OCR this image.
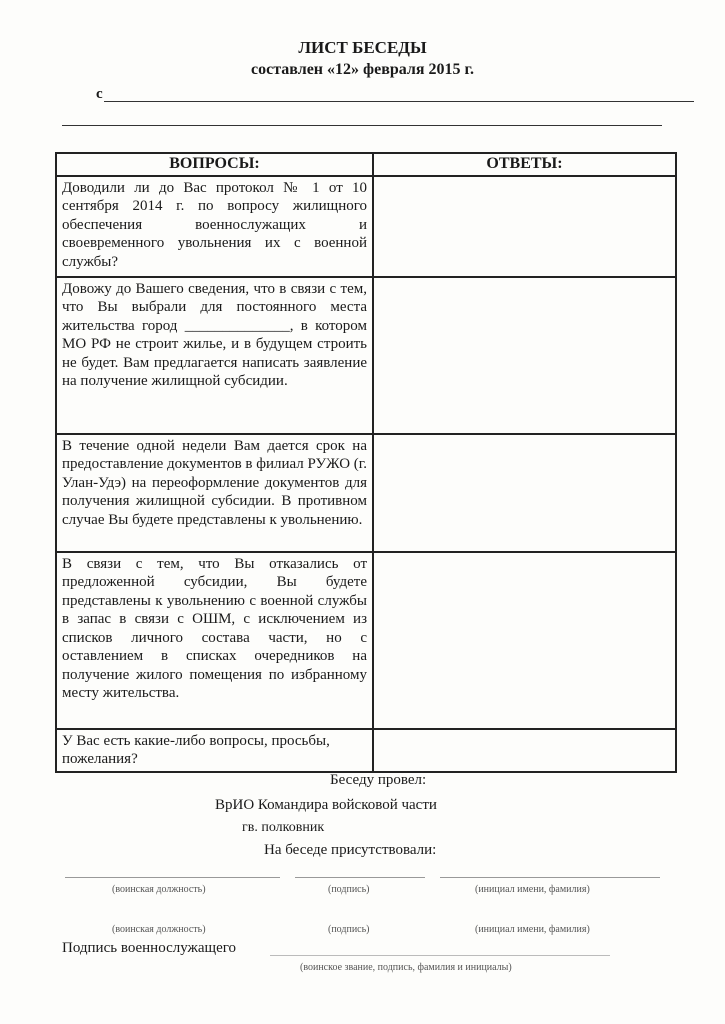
ЛИСТ БЕСЕДЫ
составлен «12» февраля 2015 г.
с
ВОПРОСЫ:	ОТВЕТЫ:
Доводили ли до Вас протокол № 1 от 10 сентября 2014 г. по вопросу жилищного обеспечения военнослужащих и своевременного увольнения их с военной службы?	
Довожу до Вашего сведения, что в связи с тем, что Вы выбрали для постоянного места жительства город ______________, в котором МО РФ не строит жилье, и в будущем строить не будет. Вам предлагается написать заявление на получение жилищной субсидии.	
В течение одной недели Вам дается срок на предоставление документов в филиал РУЖО (г. Улан-Удэ) на переоформление документов для получения жилищной субсидии. В противном случае Вы будете представлены к увольнению.	
В связи с тем, что Вы отказались от предложенной субсидии, Вы будете представлены к увольнению с военной службы в запас в связи с ОШМ, с исключением из списков личного состава части, но с оставлением в списках очередников на получение жилого помещения по избранному месту жительства.	
У Вас есть какие-либо вопросы, просьбы, пожелания?	
Беседу провел:
ВрИО Командира войсковой части
гв. полковник
На беседе присутствовали:
(воинская должность)	(подпись)	(инициал имени, фамилия)
(воинская должность)	(подпись)	(инициал имени, фамилия)
Подпись военнослужащего
(воинское звание, подпись, фамилия и инициалы)
